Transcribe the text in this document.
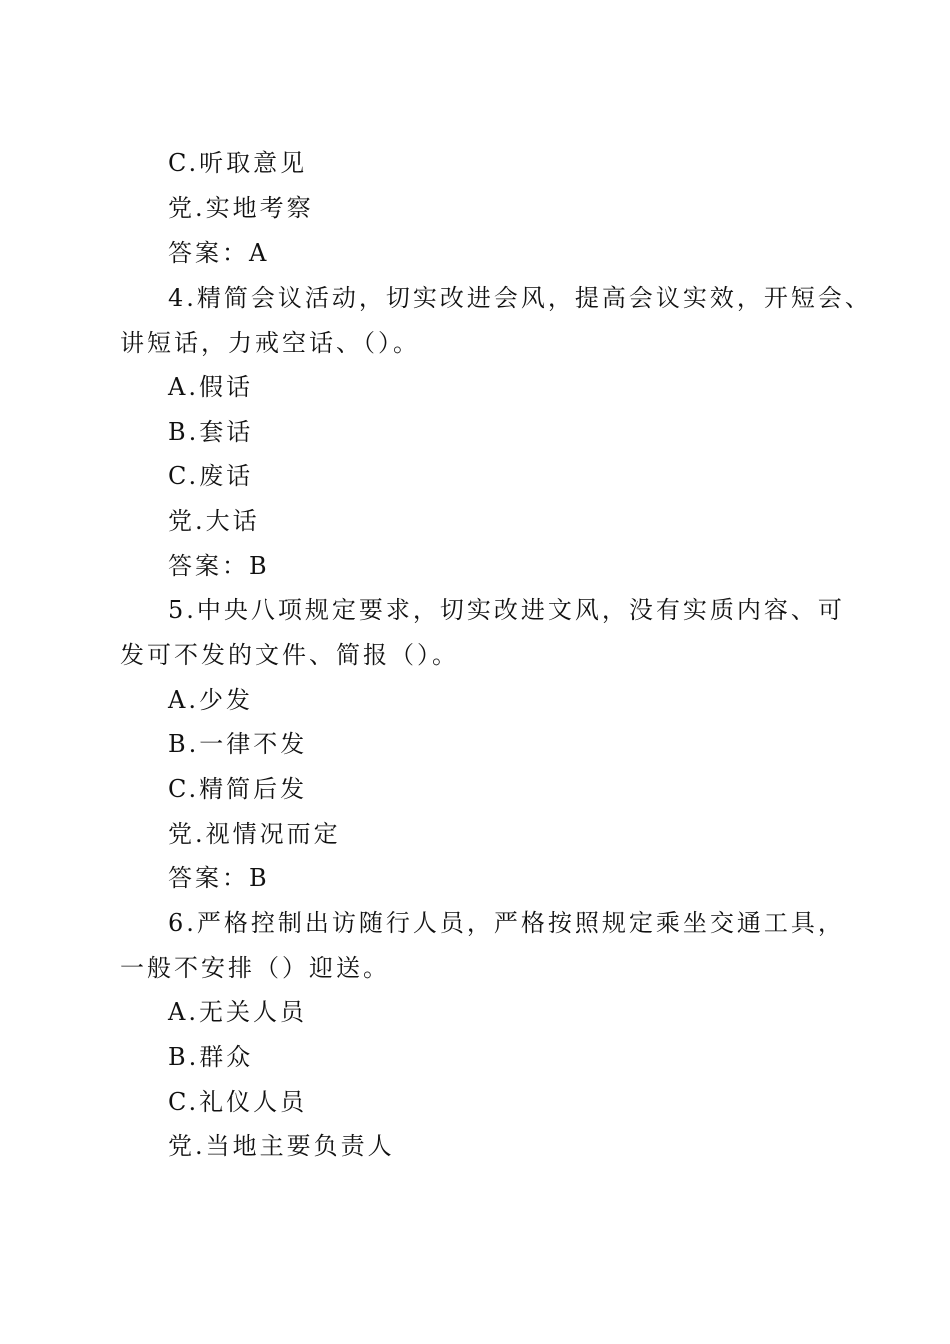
C.听取意见
党.实地考察
答案：A
4.精简会议活动，切实改进会风，提高会议实效，开短会、
讲短话，力戒空话、（）。
A.假话
B.套话
C.废话
党.大话
答案：B
5.中央八项规定要求，切实改进文风，没有实质内容、可
发可不发的文件、简报（）。
A.少发
B.一律不发
C.精简后发
党.视情况而定
答案：B
6.严格控制出访随行人员，严格按照规定乘坐交通工具，
一般不安排（）迎送。
A.无关人员
B.群众
C.礼仪人员
党.当地主要负责人
